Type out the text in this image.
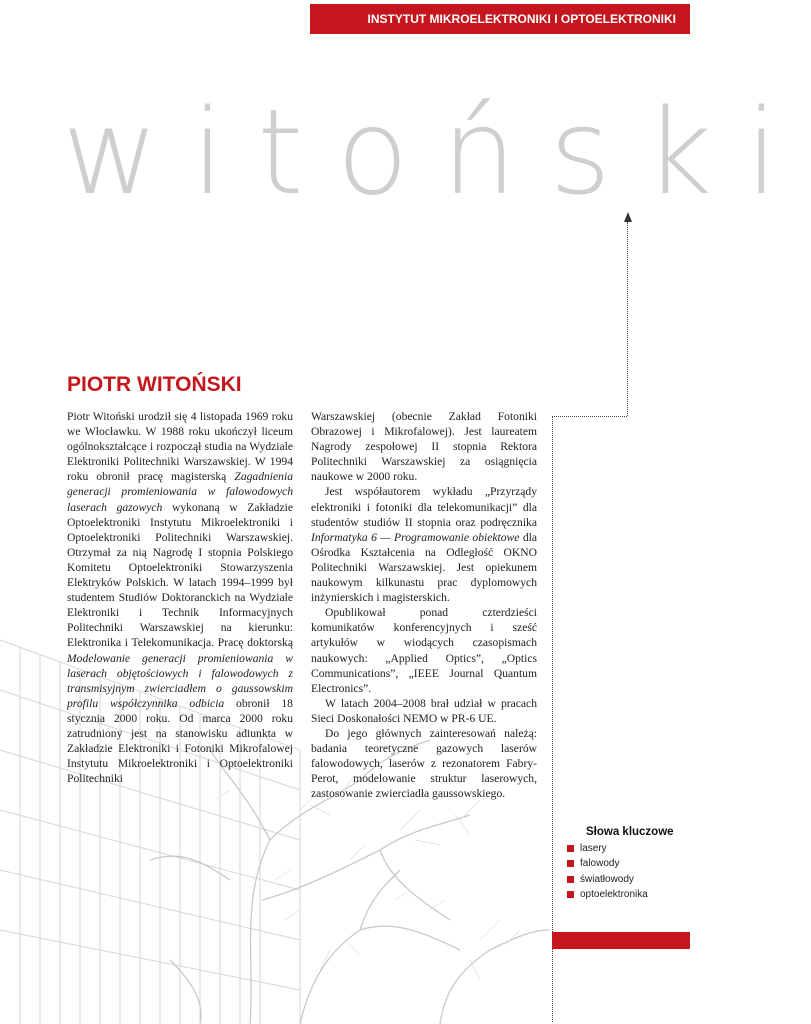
INSTYTUT MIKROELEKTRONIKI I OPTOELEKTRONIKI
witoński
PIOTR WITOŃSKI

Piotr Witoński urodził się 4 listopada 1969 roku we Włocławku. W 1988 roku ukończył liceum ogólnokształcące i rozpoczął studia na Wydziale Elektroniki Politechniki Warszawskiej. W 1994 roku obronił pracę magisterską Zagadnienia generacji promieniowania w falowodowych laserach gazowych wykonaną w Zakładzie Optoelektroniki Instytutu Mikroelektroniki i Optoelektroniki Politechniki Warszawskiej. Otrzymał za nią Nagrodę I stopnia Polskiego Komitetu Optoelektroniki Stowarzyszenia Elektryków Polskich. W latach 1994–1999 był studentem Studiów Doktoranckich na Wydziale Elektroniki i Technik Informacyjnych Politechniki Warszawskiej na kierunku: Elektronika i Telekomunikacja. Pracę doktorską Modelowanie generacji promieniowania w laserach objętościowych i falowodowych z transmisyjnym zwierciadłem o gaussowskim profilu współczynnika odbicia obronił 18 stycznia 2000 roku. Od marca 2000 roku zatrudniony jest na stanowisku adiunkta w Zakładzie Elektroniki i Fotoniki Mikrofalowej Instytutu Mikroelektroniki i Optoelektroniki Politechniki

Warszawskiej (obecnie Zakład Fotoniki Obrazowej i Mikrofalowej). Jest laureatem Nagrody zespołowej II stopnia Rektora Politechniki Warszawskiej za osiągnięcia naukowe w 2000 roku.

Jest współautorem wykładu „Przyrządy elektroniki i fotoniki dla telekomunikacji” dla studentów studiów II stopnia oraz podręcznika Informatyka 6 — Programowanie obiektowe dla Ośrodka Kształcenia na Odległość OKNO Politechniki Warszawskiej. Jest opiekunem naukowym kilkunastu prac dyplomowych inżynierskich i magisterskich.

Opublikował ponad czterdzieści komunikatów konferencyjnych i sześć artykułów w wiodących czasopismach naukowych: „Applied Optics”, „Optics Communications”, „IEEE Journal Quantum Electronics”.

W latach 2004–2008 brał udział w pracach Sieci Doskonałości NEMO w PR-6 UE.

Do jego głównych zainteresowań należą: badania teoretyczne gazowych laserów falowodowych, laserów z rezonatorem Fabry-Perot, modelowanie struktur laserowych, zastosowanie zwierciadła gaussowskiego.

Słowa kluczowe
lasery
falowody
światłowody
optoelektronika
